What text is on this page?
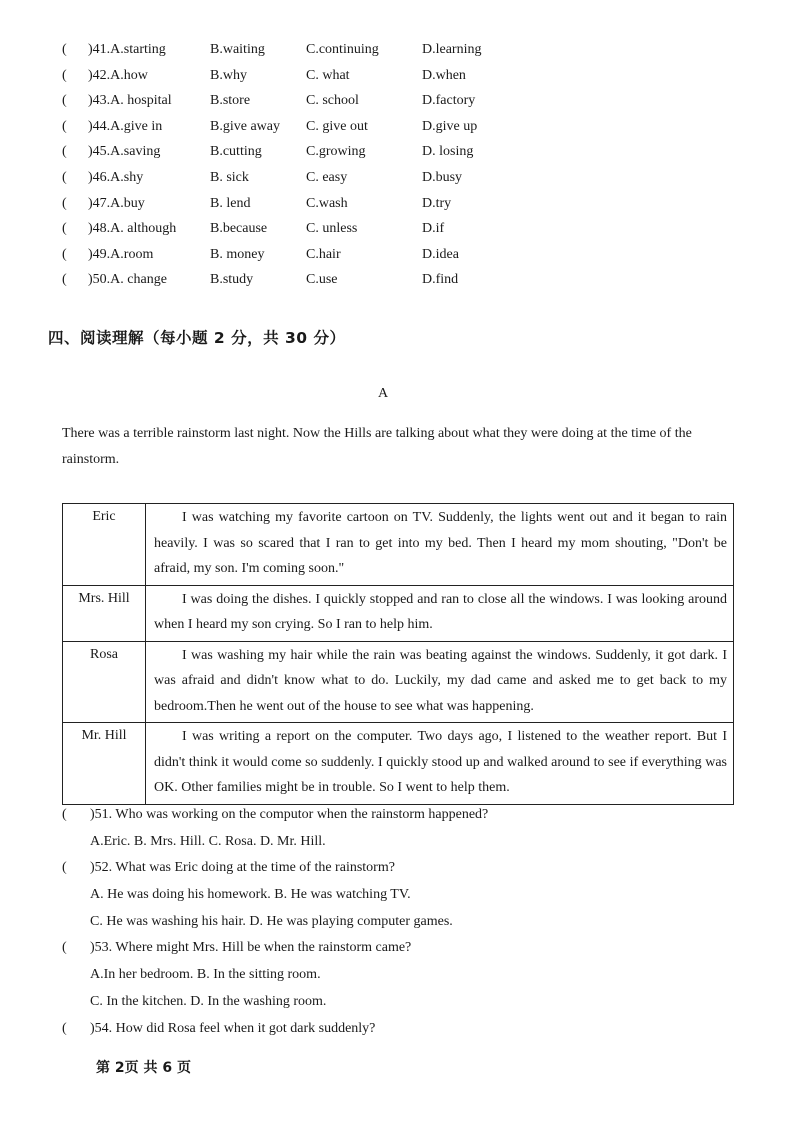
( )41.A.starting	B.waiting	C.continuing	D.learning
( )42.A.how	B.why	C. what	D.when
( )43.A. hospital	B.store	C. school	D.factory
( )44.A.give in	B.give away C. give out	D.give up
( )45.A.saving	B.cutting	C.growing	D. losing
( )46.A.shy	B. sick	C. easy	D.busy
( )47.A.buy	B. lend	C.wash	D.try
( )48.A. although B.because	C. unless	D.if
( )49.A.room	B. money	C.hair	D.idea
( )50.A. change	B.study	C.use	D.find
四、阅读理解（每小题 2 分，共 30 分）
A
There was a terrible rainstorm last night. Now the Hills are talking about what they were doing at the time of the rainstorm.
Eric	I was watching my favorite cartoon on TV. Suddenly, the lights went out and it began to rain heavily. I was so scared that I ran to get into my bed. Then I heard my mom shouting, "Don't be afraid, my son. I'm coming soon."
Mrs. Hill	I was doing the dishes. I quickly stopped and ran to close all the windows. I was looking around when I heard my son crying. So I ran to help him.
Rosa	I was washing my hair while the rain was beating against the windows. Suddenly, it got dark. I was afraid and didn't know what to do. Luckily, my dad came and asked me to get back to my bedroom.Then he went out of the house to see what was happening.
Mr. Hill	I was writing a report on the computer. Two days ago, I listened to the weather report. But I didn't think it would come so suddenly. I quickly stood up and walked around to see if everything was OK. Other families might be in trouble. So I went to help them.
( )51. Who was working on the computor when the rainstorm happened?
A.Eric. B. Mrs. Hill. C. Rosa. D. Mr. Hill.
( )52. What was Eric doing at the time of the rainstorm?
A. He was doing his homework. B. He was watching TV.
C. He was washing his hair. D. He was playing computer games.
( )53. Where might Mrs. Hill be when the rainstorm came?
A.In her bedroom. B. In the sitting room.
C. In the kitchen. D. In the washing room.
( )54. How did Rosa feel when it got dark suddenly?
第 2页 共 6 页
